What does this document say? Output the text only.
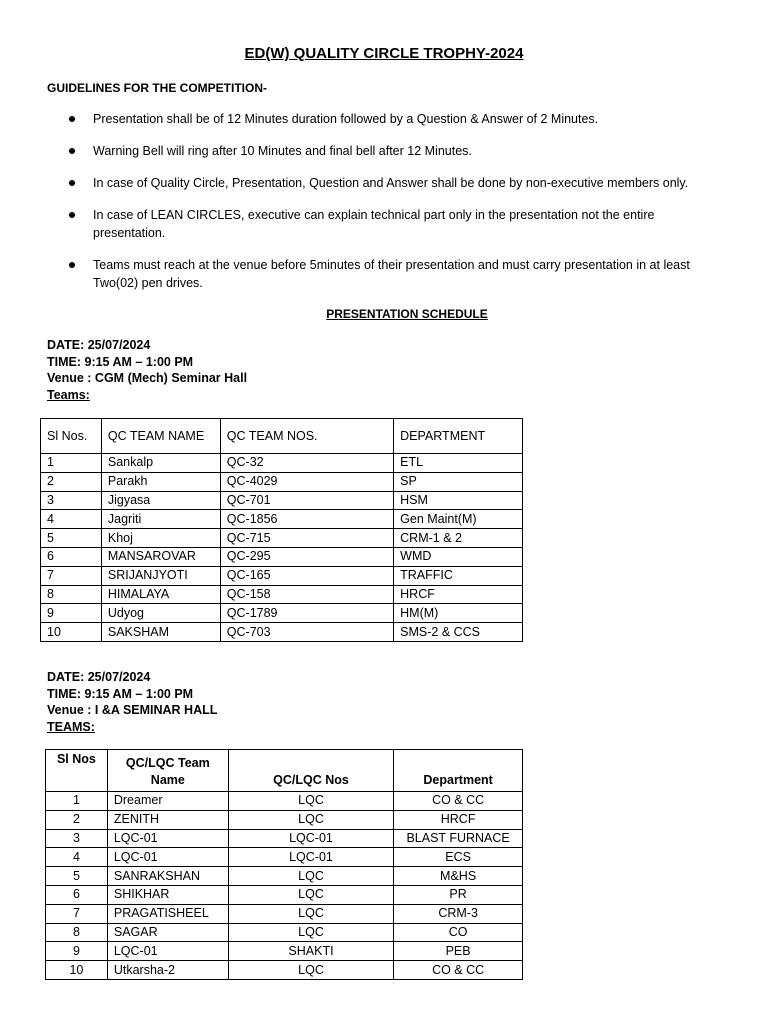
ED(W) QUALITY CIRCLE TROPHY-2024
GUIDELINES FOR THE COMPETITION-
Presentation shall be of 12 Minutes duration followed by a Question & Answer of 2 Minutes.
Warning Bell will ring after 10 Minutes and final bell after 12 Minutes.
In case of Quality Circle, Presentation, Question and Answer shall be done by non-executive members only.
In case of LEAN CIRCLES, executive can explain technical part only in the presentation not the entire presentation.
Teams must reach at the venue before 5minutes of their presentation and must carry presentation in at least Two(02) pen drives.
PRESENTATION SCHEDULE
DATE: 25/07/2024
TIME: 9:15 AM – 1:00 PM
Venue : CGM (Mech) Seminar Hall
Teams:
Sl Nos.	QC TEAM NAME	QC TEAM NOS.	DEPARTMENT
1	Sankalp	QC-32	ETL
2	Parakh	QC-4029	SP
3	Jigyasa	QC-701	HSM
4	Jagriti	QC-1856	Gen Maint(M)
5	Khoj	QC-715	CRM-1 & 2
6	MANSAROVAR	QC-295	WMD
7	SRIJANJYOTI	QC-165	TRAFFIC
8	HIMALAYA	QC-158	HRCF
9	Udyog	QC-1789	HM(M)
10	SAKSHAM	QC-703	SMS-2 & CCS
DATE: 25/07/2024
TIME: 9:15 AM – 1:00 PM
Venue : I &A SEMINAR HALL
TEAMS:
Sl Nos	QC/LQC Team Name	QC/LQC Nos	Department
1	Dreamer	LQC	CO & CC
2	ZENITH	LQC	HRCF
3	LQC-01	LQC-01	BLAST FURNACE
4	LQC-01	LQC-01	ECS
5	SANRAKSHAN	LQC	M&HS
6	SHIKHAR	LQC	PR
7	PRAGATISHEEL	LQC	CRM-3
8	SAGAR	LQC	CO
9	LQC-01	SHAKTI	PEB
10	Utkarsha-2	LQC	CO & CC
